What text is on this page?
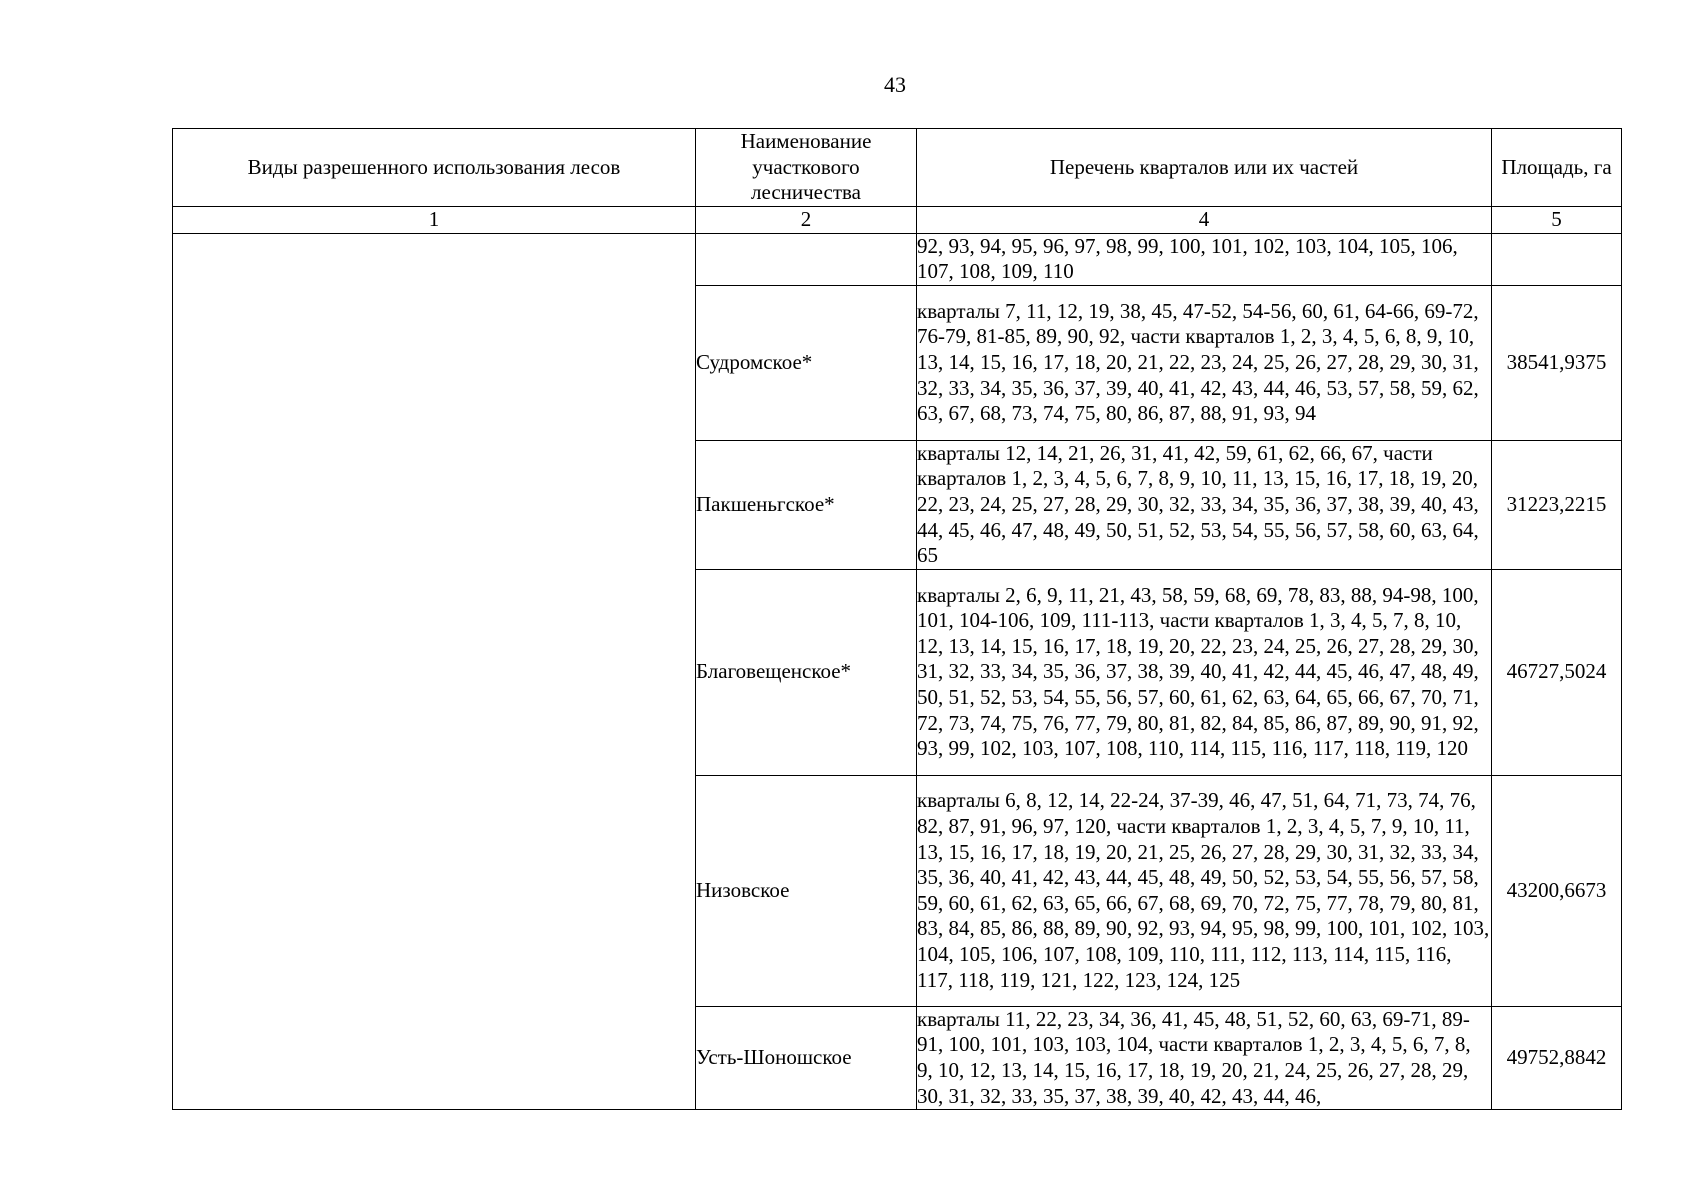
43
Виды разрешенного использования лесов	Наименование участкового лесничества	Перечень кварталов или их частей	Площадь, га
1	2	4	5
		92, 93, 94, 95, 96, 97, 98, 99, 100, 101, 102, 103, 104, 105, 106, 107, 108, 109, 110	
	Судромское*	кварталы 7, 11, 12, 19, 38, 45, 47-52, 54-56, 60, 61, 64-66, 69-72, 76-79, 81-85, 89, 90, 92, части кварталов 1, 2, 3, 4, 5, 6, 8, 9, 10, 13, 14, 15, 16, 17, 18, 20, 21, 22, 23, 24, 25, 26, 27, 28, 29, 30, 31, 32, 33, 34, 35, 36, 37, 39, 40, 41, 42, 43, 44, 46, 53, 57, 58, 59, 62, 63, 67, 68, 73, 74, 75, 80, 86, 87, 88, 91, 93, 94	38541,9375
	Пакшеньгское*	кварталы 12, 14, 21, 26, 31, 41, 42, 59, 61, 62, 66, 67, части кварталов 1, 2, 3, 4, 5, 6, 7, 8, 9, 10, 11, 13, 15, 16, 17, 18, 19, 20, 22, 23, 24, 25, 27, 28, 29, 30, 32, 33, 34, 35, 36, 37, 38, 39, 40, 43, 44, 45, 46, 47, 48, 49, 50, 51, 52, 53, 54, 55, 56, 57, 58, 60, 63, 64, 65	31223,2215
	Благовещенское*	кварталы 2, 6, 9, 11, 21, 43, 58, 59, 68, 69, 78, 83, 88, 94-98, 100, 101, 104-106, 109, 111-113, части кварталов 1, 3, 4, 5, 7, 8, 10, 12, 13, 14, 15, 16, 17, 18, 19, 20, 22, 23, 24, 25, 26, 27, 28, 29, 30, 31, 32, 33, 34, 35, 36, 37, 38, 39, 40, 41, 42, 44, 45, 46, 47, 48, 49, 50, 51, 52, 53, 54, 55, 56, 57, 60, 61, 62, 63, 64, 65, 66, 67, 70, 71, 72, 73, 74, 75, 76, 77, 79, 80, 81, 82, 84, 85, 86, 87, 89, 90, 91, 92, 93, 99, 102, 103, 107, 108, 110, 114, 115, 116, 117, 118, 119, 120	46727,5024
	Низовское	кварталы 6, 8, 12, 14, 22-24, 37-39, 46, 47, 51, 64, 71, 73, 74, 76, 82, 87, 91, 96, 97, 120, части кварталов 1, 2, 3, 4, 5, 7, 9, 10, 11, 13, 15, 16, 17, 18, 19, 20, 21, 25, 26, 27, 28, 29, 30, 31, 32, 33, 34, 35, 36, 40, 41, 42, 43, 44, 45, 48, 49, 50, 52, 53, 54, 55, 56, 57, 58, 59, 60, 61, 62, 63, 65, 66, 67, 68, 69, 70, 72, 75, 77, 78, 79, 80, 81, 83, 84, 85, 86, 88, 89, 90, 92, 93, 94, 95, 98, 99, 100, 101, 102, 103, 104, 105, 106, 107, 108, 109, 110, 111, 112, 113, 114, 115, 116, 117, 118, 119, 121, 122, 123, 124, 125	43200,6673
	Усть-Шоношское	кварталы 11, 22, 23, 34, 36, 41, 45, 48, 51, 52, 60, 63, 69-71, 89-91, 100, 101, 103, 103, 104, части кварталов 1, 2, 3, 4, 5, 6, 7, 8, 9, 10, 12, 13, 14, 15, 16, 17, 18, 19, 20, 21, 24, 25, 26, 27, 28, 29, 30, 31, 32, 33, 35, 37, 38, 39, 40, 42, 43, 44, 46,	49752,8842
